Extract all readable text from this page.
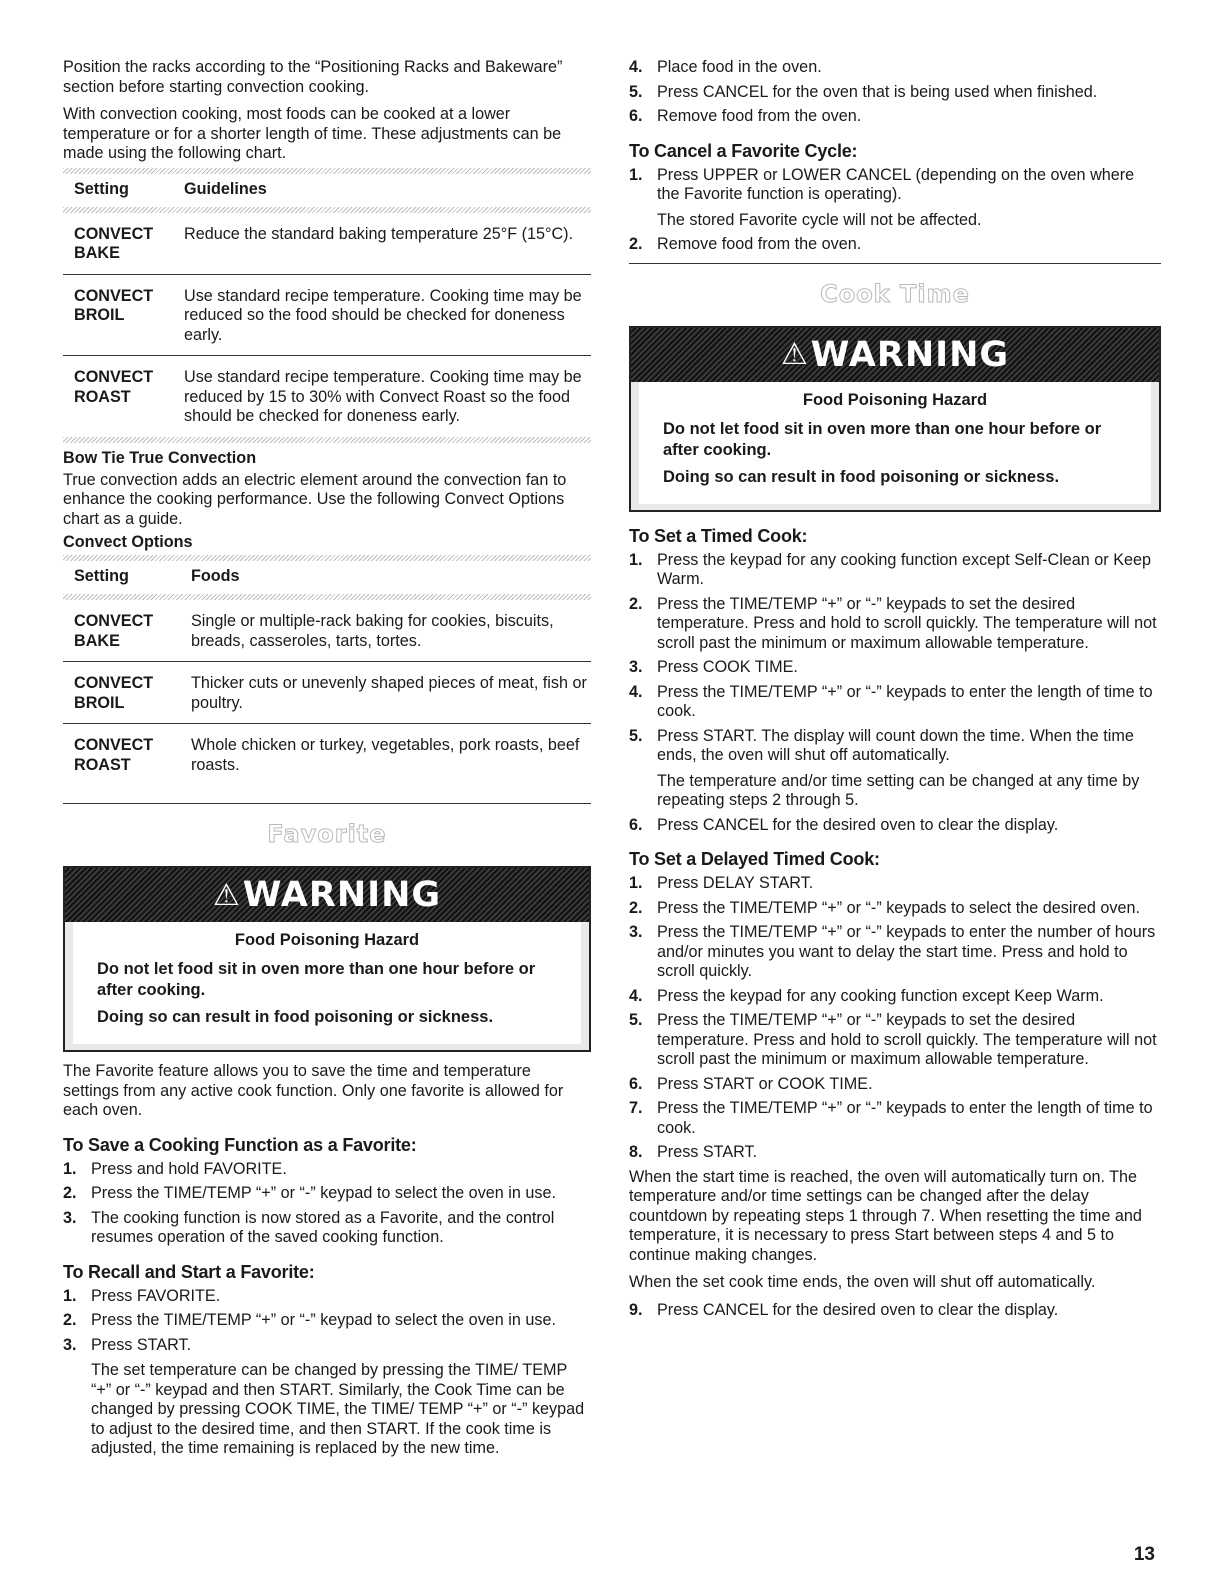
Position the racks according to the “Positioning Racks and Bakeware” section before starting convection cooking.

With convection cooking, most foods can be cooked at a lower temperature or for a shorter length of time. These adjustments can be made using the following chart.

Setting	Guidelines
CONVECT
BAKE	Reduce the standard baking temperature 25°F (15°C).
CONVECT
BROIL	Use standard recipe temperature. Cooking time may be reduced so the food should be checked for doneness early.
CONVECT
ROAST	Use standard recipe temperature. Cooking time may be reduced by 15 to 30% with Convect Roast so the food should be checked for doneness early.
Bow Tie True Convection

True convection adds an electric element around the convection fan to enhance the cooking performance. Use the following Convect Options chart as a guide.

Convect Options
Setting	Foods
CONVECT
BAKE	Single or multiple-rack baking for cookies, biscuits, breads, casseroles, tarts, tortes.
CONVECT
BROIL	Thicker cuts or unevenly shaped pieces of meat, fish or poultry.
CONVECT
ROAST	Whole chicken or turkey, vegetables, pork roasts, beef roasts.
Favorite
⚠ WARNING
Food Poisoning Hazard
Do not let food sit in oven more than one hour before or after cooking.
Doing so can result in food poisoning or sickness.

The Favorite feature allows you to save the time and temperature settings from any active cook function. Only one favorite is allowed for each oven.

To Save a Cooking Function as a Favorite:
1. Press and hold FAVORITE.
2. Press the TIME/TEMP “+” or “-” keypad to select the oven in use.
3. The cooking function is now stored as a Favorite, and the control resumes operation of the saved cooking function.
To Recall and Start a Favorite:
1. Press FAVORITE.
2. Press the TIME/TEMP “+” or “-” keypad to select the oven in use.
3. Press START.
The set temperature can be changed by pressing the TIME/ TEMP “+” or “-” keypad and then START. Similarly, the Cook Time can be changed by pressing COOK TIME, the TIME/ TEMP “+” or “-” keypad to adjust to the desired time, and then START. If the cook time is adjusted, the time remaining is replaced by the new time.
4. Place food in the oven.
5. Press CANCEL for the oven that is being used when finished.
6. Remove food from the oven.
To Cancel a Favorite Cycle:
1. Press UPPER or LOWER CANCEL (depending on the oven where the Favorite function is operating).
The stored Favorite cycle will not be affected.
2. Remove food from the oven.
Cook Time
⚠ WARNING
Food Poisoning Hazard
Do not let food sit in oven more than one hour before or after cooking.
Doing so can result in food poisoning or sickness.
To Set a Timed Cook:
1. Press the keypad for any cooking function except Self-Clean or Keep Warm.
2. Press the TIME/TEMP “+” or “-” keypads to set the desired temperature. Press and hold to scroll quickly. The temperature will not scroll past the minimum or maximum allowable temperature.
3. Press COOK TIME.
4. Press the TIME/TEMP “+” or “-” keypads to enter the length of time to cook.
5. Press START. The display will count down the time. When the time ends, the oven will shut off automatically.
The temperature and/or time setting can be changed at any time by repeating steps 2 through 5.
6. Press CANCEL for the desired oven to clear the display.
To Set a Delayed Timed Cook:
1. Press DELAY START.
2. Press the TIME/TEMP “+” or “-” keypads to select the desired oven.
3. Press the TIME/TEMP “+” or “-” keypads to enter the number of hours and/or minutes you want to delay the start time. Press and hold to scroll quickly.
4. Press the keypad for any cooking function except Keep Warm.
5. Press the TIME/TEMP “+” or “-” keypads to set the desired temperature. Press and hold to scroll quickly. The temperature will not scroll past the minimum or maximum allowable temperature.
6. Press START or COOK TIME.
7. Press the TIME/TEMP “+” or “-” keypads to enter the length of time to cook.
8. Press START.

When the start time is reached, the oven will automatically turn on. The temperature and/or time settings can be changed after the delay countdown by repeating steps 1 through 7. When resetting the time and temperature, it is necessary to press Start between steps 4 and 5 to continue making changes.

When the set cook time ends, the oven will shut off automatically.

9. Press CANCEL for the desired oven to clear the display.
13
